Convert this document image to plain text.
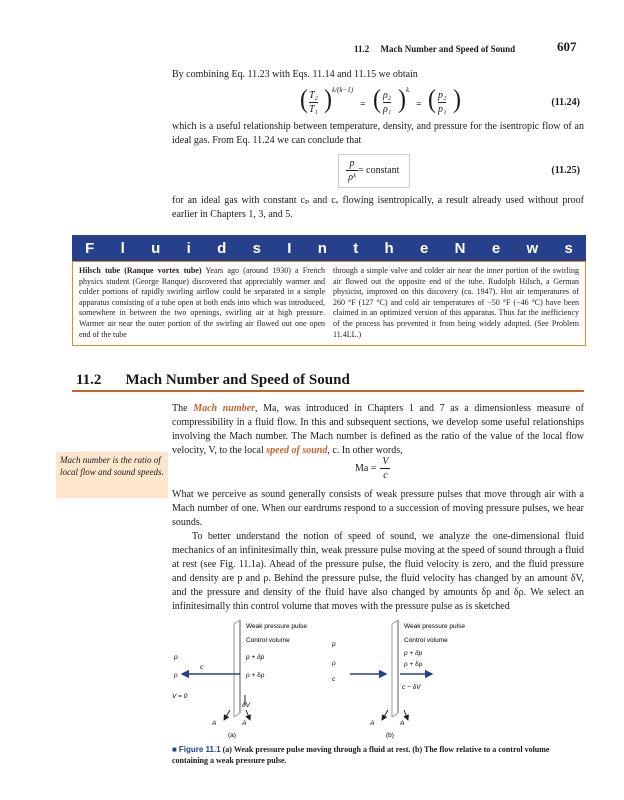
11.2     Mach Number and Speed of Sound	607
By combining Eq. 11.23 with Eqs. 11.14 and 11.15 we obtain
( T₂
T₁ ) k/(k−1)
= ( ρ₂
ρ₁ ) k
= ( p₂
p₁ )	(11.24)
which is a useful relationship between temperature, density, and pressure for the isentropic flow of an ideal gas. From Eq. 11.24 we can conclude that
p
ρᵏ
= constant	(11.25)
for an ideal gas with constant cₚ and cᵥ flowing isentropically, a result already used without proof earlier in Chapters 1, 3, and 5.
F l u i d s I n t h e N e w s
Hilsch tube (Ranque vortex tube) Years ago (around 1930) a French physics student (George Ranque) discovered that appreciably warmer and colder portions of rapidly swirling airflow could be separated in a simple apparatus consisting of a tube open at both ends into which was introduced, somewhere in between the two openings, swirling air at high pressure. Warmer air near the outer portion of the swirling air flowed out one open end of the tube
through a simple valve and colder air near the inner portion of the swirling air flowed out the opposite end of the tube. Rudolph Hilsch, a German physicist, improved on this discovery (ca. 1947). Hot air temperatures of 260 °F (127 °C) and cold air temperatures of −50 °F (−46 °C) have been claimed in an optimized version of this apparatus. Thus far the inefficiency of the process has prevented it from being widely adopted. (See Problem 11.4LL.)
11.2 Mach Number and Speed of Sound
The Mach number, Ma, was introduced in Chapters 1 and 7 as a dimensionless measure of compressibility in a fluid flow. In this and subsequent sections, we develop some useful relationships involving the Mach number. The Mach number is defined as the ratio of the value of the local flow velocity, V, to the local speed of sound, c. In other words,
Mach number is the ratio of local flow and sound speeds.	$Ma = \frac{V}{c}$
What we perceive as sound generally consists of weak pressure pulses that move through air with a Mach number of one. When our eardrums respond to a succession of moving pressure pulses, we hear sounds.
To better understand the notion of speed of sound, we analyze the one-dimensional fluid mechanics of an infinitesimally thin, weak pressure pulse moving at the speed of sound through a fluid at rest (see Fig. 11.1a). Ahead of the pressure pulse, the fluid velocity is zero, and the fluid pressure and density are p and ρ. Behind the pressure pulse, the fluid velocity has changed by an amount δV, and the pressure and density of the fluid have also changed by amounts δp and δρ. We select an infinitesimally thin control volume that moves with the pressure pulse as is sketched
Weak pressure pulse
Control volume
p
c
ρ
p + δp
ρ + δρ
V = 0
δV
A	A
(a)
Weak pressure pulse
Control volume
p
ρ
c
p + δp
ρ + δρ
c − δV
A	A
(b)
■ Figure 11.1 (a) Weak pressure pulse moving through a fluid at rest. (b) The flow relative to a control volume containing a weak pressure pulse.
